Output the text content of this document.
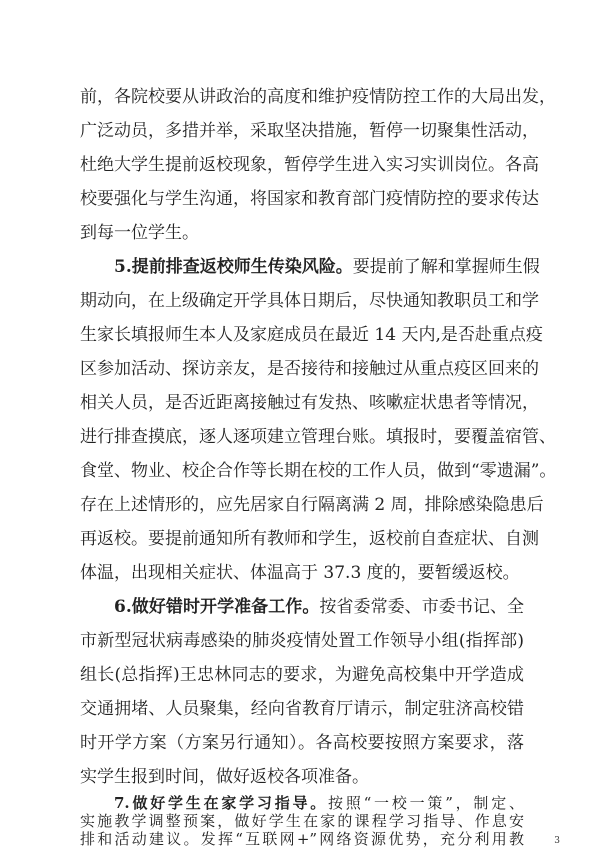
前，各院校要从讲政治的高度和维护疫情防控工作的大局出发，
广泛动员，多措并举，采取坚决措施，暂停一切聚集性活动，
杜绝大学生提前返校现象，暂停学生进入实习实训岗位。各高
校要强化与学生沟通，将国家和教育部门疫情防控的要求传达
到每一位学生。
5.提前排查返校师生传染风险。要提前了解和掌握师生假
期动向，在上级确定开学具体日期后，尽快通知教职员工和学
生家长填报师生本人及家庭成员在最近 14 天内,是否赴重点疫
区参加活动、探访亲友，是否接待和接触过从重点疫区回来的
相关人员，是否近距离接触过有发热、咳嗽症状患者等情况，
进行排查摸底，逐人逐项建立管理台账。填报时，要覆盖宿管、
食堂、物业、校企合作等长期在校的工作人员，做到“零遗漏”。
存在上述情形的，应先居家自行隔离满 2 周，排除感染隐患后
再返校。要提前通知所有教师和学生，返校前自查症状、自测
体温，出现相关症状、体温高于 37.3 度的，要暂缓返校。
6.做好错时开学准备工作。按省委常委、市委书记、全
市新型冠状病毒感染的肺炎疫情处置工作领导小组(指挥部)
组长(总指挥)王忠林同志的要求，为避免高校集中开学造成
交通拥堵、人员聚集，经向省教育厅请示，制定驻济高校错
时开学方案（方案另行通知）。各高校要按照方案要求，落
实学生报到时间，做好返校各项准备。
7.做好学生在家学习指导。按照“一校一策”，制定、
实施教学调整预案，做好学生在家的课程学习指导、作息安
排和活动建议。发挥“互联网+”网络资源优势，充分利用教	3
